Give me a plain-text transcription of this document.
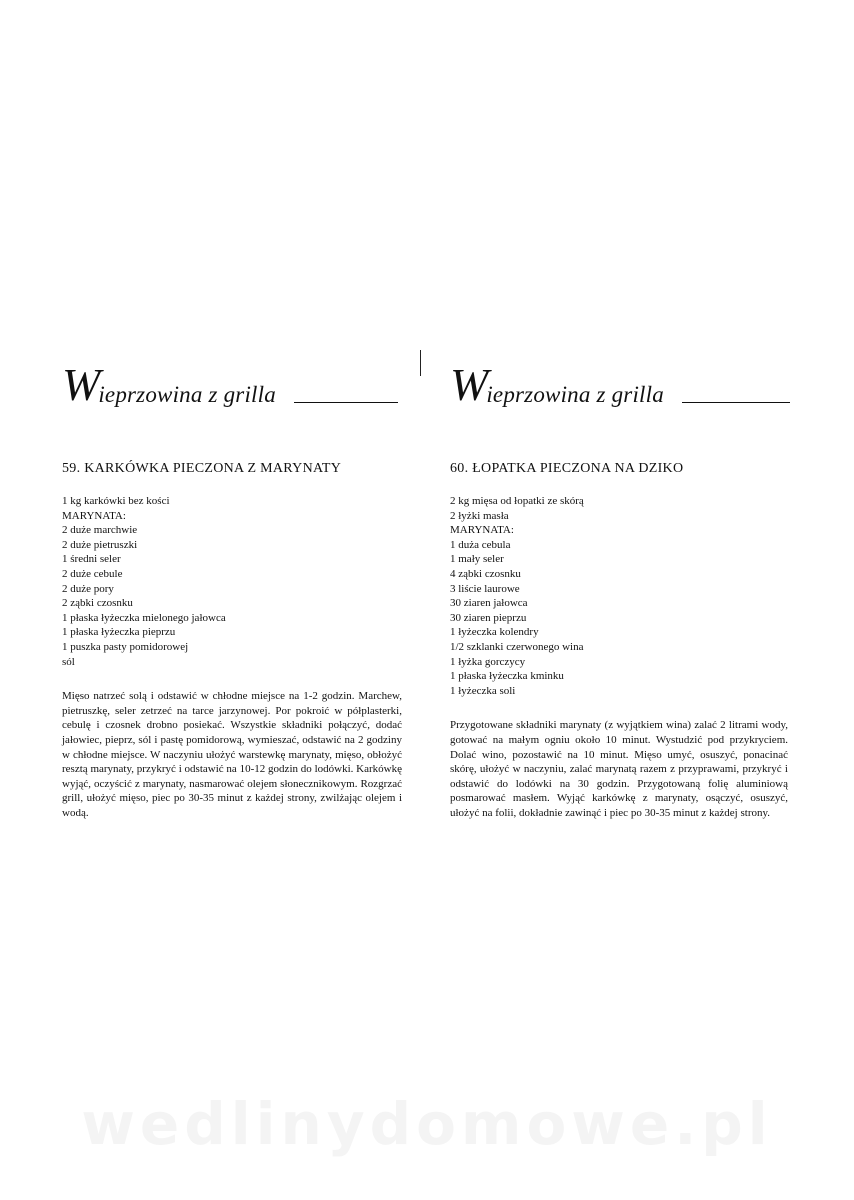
Wieprzowina z grilla
59. KARKÓWKA PIECZONA Z MARYNATY
1 kg karkówki bez kości
MARYNATA:
2 duże marchwie
2 duże pietruszki
1 średni seler
2 duże cebule
2 duże pory
2 ząbki czosnku
1 płaska łyżeczka mielonego jałowca
1 płaska łyżeczka pieprzu
1 puszka pasty pomidorowej
sól
Mięso natrzeć solą i odstawić w chłodne miejsce na 1-2 godzin. Marchew, pietruszkę, seler zetrzeć na tarce jarzynowej. Por pokroić w półplasterki, cebulę i czosnek drobno posiekać. Wszystkie składniki połączyć, dodać jałowiec, pieprz, sól i pastę pomidorową, wymieszać, odstawić na 2 godziny w chłodne miejsce. W naczyniu ułożyć warstewkę marynaty, mięso, obłożyć resztą marynaty, przykryć i odstawić na 10-12 godzin do lodówki. Karkówkę wyjąć, oczyścić z marynaty, nasmarować olejem słonecznikowym. Rozgrzać grill, ułożyć mięso, piec po 30-35 minut z każdej strony, zwilżając olejem i wodą.
Wieprzowina z grilla
60. ŁOPATKA PIECZONA NA DZIKO
2 kg mięsa od łopatki ze skórą
2 łyżki masła
MARYNATA:
1 duża cebula
1 mały seler
4 ząbki czosnku
3 liście laurowe
30 ziaren jałowca
30 ziaren pieprzu
1 łyżeczka kolendry
1/2 szklanki czerwonego wina
1 łyżka gorczycy
1 płaska łyżeczka kminku
1 łyżeczka soli
Przygotowane składniki marynaty (z wyjątkiem wina) zalać 2 litrami wody, gotować na małym ogniu około 10 minut. Wystudzić pod przykryciem. Dolać wino, pozostawić na 10 minut. Mięso umyć, osuszyć, ponacinać skórę, ułożyć w naczyniu, zalać marynatą razem z przyprawami, przykryć i odstawić do lodówki na 30 godzin. Przygotowaną folię aluminiową posmarować masłem. Wyjąć karkówkę z marynaty, osączyć, osuszyć, ułożyć na folii, dokładnie zawinąć i piec po 30-35 minut z każdej strony.
wedlinydomowe.pl
